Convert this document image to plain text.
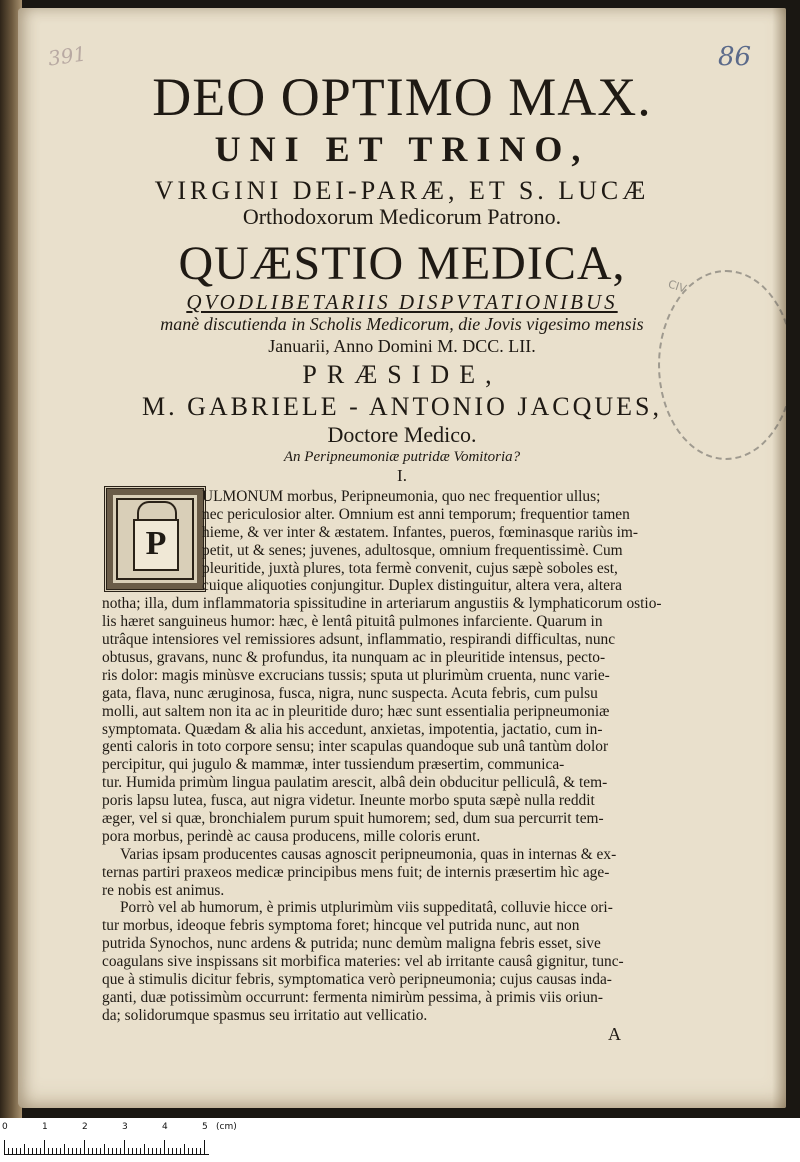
391	86
DEO OPTIMO MAX.
UNI ET TRINO,
VIRGINI DEI-PARÆ, ET S. LUCÆ
Orthodoxorum Medicorum Patrono.
QUÆSTIO MEDICA,
QVODLIBETARIIS DISPVTATIONIBUS
manè discutienda in Scholis Medicorum, die Jovis vigesimo mensis
Januarii, Anno Domini M. DCC. LII.
PRÆSIDE,
M. GABRIELE - ANTONIO JACQUES,
Doctore Medico.
An Peripneumoniæ putridæ Vomitoria?
I.
CIV
P
ULMONUM morbus, Peripneumonia, quo nec frequentior ullus;
nec periculosior alter. Omnium est anni temporum; frequentior tamen
hieme, & ver inter & æstatem. Infantes, pueros, fœminasque rariùs im-
petit, ut & senes; juvenes, adultosque, omnium frequentissimè. Cum
pleuritide, juxtà plures, tota fermè convenit, cujus sæpè soboles est,
cuique aliquoties conjungitur. Duplex distinguitur, altera vera, altera
notha; illa, dum inflammatoria spissitudine in arteriarum angustiis & lymphaticorum ostio-
lis hæret sanguineus humor: hæc, è lentâ pituitâ pulmones infarciente. Quarum in
utrâque intensiores vel remissiores adsunt, inflammatio, respirandi difficultas, nunc
obtusus, gravans, nunc & profundus, ita nunquam ac in pleuritide intensus, pecto-
ris dolor: magis minùsve excrucians tussis; sputa ut plurimùm cruenta, nunc varie-
gata, flava, nunc æruginosa, fusca, nigra, nunc suspecta. Acuta febris, cum pulsu
molli, aut saltem non ita ac in pleuritide duro; hæc sunt essentialia peripneumoniæ
symptomata. Quædam & alia his accedunt, anxietas, impotentia, jactatio, cum in-
genti caloris in toto corpore sensu; inter scapulas quandoque sub unâ tantùm dolor
percipitur, qui jugulo & mammæ, inter tussiendum præsertim, communica-
tur. Humida primùm lingua paulatim arescit, albâ dein obducitur pelliculâ, & tem-
poris lapsu lutea, fusca, aut nigra videtur. Ineunte morbo sputa sæpè nulla reddit
æger, vel si quæ, bronchialem purum spuit humorem; sed, dum sua percurrit tem-
pora morbus, perindè ac causa producens, mille coloris erunt.
Varias ipsam producentes causas agnoscit peripneumonia, quas in internas & ex-
ternas partiri praxeos medicæ principibus mens fuit; de internis præsertim hìc age-
re nobis est animus.
Porrò vel ab humorum, è primis utplurimùm viis suppeditatâ, colluvie hicce ori-
tur morbus, ideoque febris symptoma foret; hincque vel putrida nunc, aut non
putrida Synochos, nunc ardens & putrida; nunc demùm maligna febris esset, sive
coagulans sive inspissans sit morbifica materies: vel ab irritante causâ gignitur, tunc-
que à stimulis dicitur febris, symptomatica verò peripneumonia; cujus causas inda-
ganti, duæ potissimùm occurrunt: fermenta nimirùm pessima, à primis viis oriun-
da; solidorumque spasmus seu irritatio aut vellicatio.
A
0	1	2	3	4	5 (cm)
